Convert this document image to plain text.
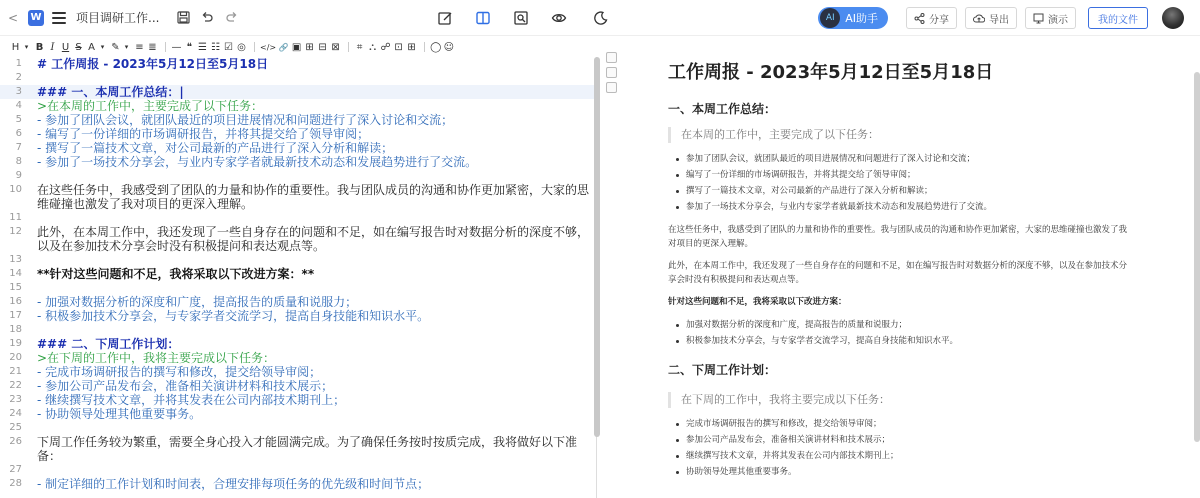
< W	项目调研工作...	AI AI助手	分享	导出	演示	我的文件
H ▾ B I U S A ▾ ✎ ▾ ≡ ≣ — ❝ ☰ ☷ ☑ ◎ </> 🔗 ▣ ⊞ ⊟ ⊠ ⌗ ⛬ ☍ ⊡ ⊞ ◯ ☺
1 # 工作周报 - 2023年5月12日至5月18日
2
3 ### 一、本周工作总结：|
4 >在本周的工作中，主要完成了以下任务：
5 - 参加了团队会议，就团队最近的项目进展情况和问题进行了深入讨论和交流；
6 - 编写了一份详细的市场调研报告，并将其提交给了领导审阅；
7 - 撰写了一篇技术文章，对公司最新的产品进行了深入分析和解读；
8 - 参加了一场技术分享会，与业内专家学者就最新技术动态和发展趋势进行了交流。
9
10 在这些任务中，我感受到了团队的力量和协作的重要性。我与团队成员的沟通和协作更加紧密，大家的思
维碰撞也激发了我对项目的更深入理解。
11
12 此外，在本周工作中，我还发现了一些自身存在的问题和不足，如在编写报告时对数据分析的深度不够，
以及在参加技术分享会时没有积极提问和表达观点等。
13
14 **针对这些问题和不足，我将采取以下改进方案：**
15
16 - 加强对数据分析的深度和广度，提高报告的质量和说服力；
17 - 积极参加技术分享会，与专家学者交流学习，提高自身技能和知识水平。
18
19 ### 二、下周工作计划：
20 >在下周的工作中，我将主要完成以下任务：
21 - 完成市场调研报告的撰写和修改，提交给领导审阅；
22 - 参加公司产品发布会，准备相关演讲材料和技术展示；
23 - 继续撰写技术文章，并将其发表在公司内部技术期刊上；
24 - 协助领导处理其他重要事务。
25
26 下周工作任务较为繁重，需要全身心投入才能圆满完成。为了确保任务按时按质完成，我将做好以下准
备：
27
28 - 制定详细的工作计划和时间表，合理安排每项任务的优先级和时间节点；
工作周报 - 2023年5月12日至5月18日
一、本周工作总结：
在本周的工作中，主要完成了以下任务：
参加了团队会议，就团队最近的项目进展情况和问题进行了深入讨论和交流；
编写了一份详细的市场调研报告，并将其提交给了领导审阅；
撰写了一篇技术文章，对公司最新的产品进行了深入分析和解读；
参加了一场技术分享会，与业内专家学者就最新技术动态和发展趋势进行了交流。

在这些任务中，我感受到了团队的力量和协作的重要性。我与团队成员的沟通和协作更加紧密，大家的思维碰撞也激发了我对项目的更深入理解。

此外，在本周工作中，我还发现了一些自身存在的问题和不足，如在编写报告时对数据分析的深度不够，以及在参加技术分享会时没有积极提问和表达观点等。

针对这些问题和不足，我将采取以下改进方案：

加强对数据分析的深度和广度，提高报告的质量和说服力；
积极参加技术分享会，与专家学者交流学习，提高自身技能和知识水平。
二、下周工作计划：
在下周的工作中，我将主要完成以下任务：
完成市场调研报告的撰写和修改，提交给领导审阅；
参加公司产品发布会，准备相关演讲材料和技术展示；
继续撰写技术文章，并将其发表在公司内部技术期刊上；
协助领导处理其他重要事务。
